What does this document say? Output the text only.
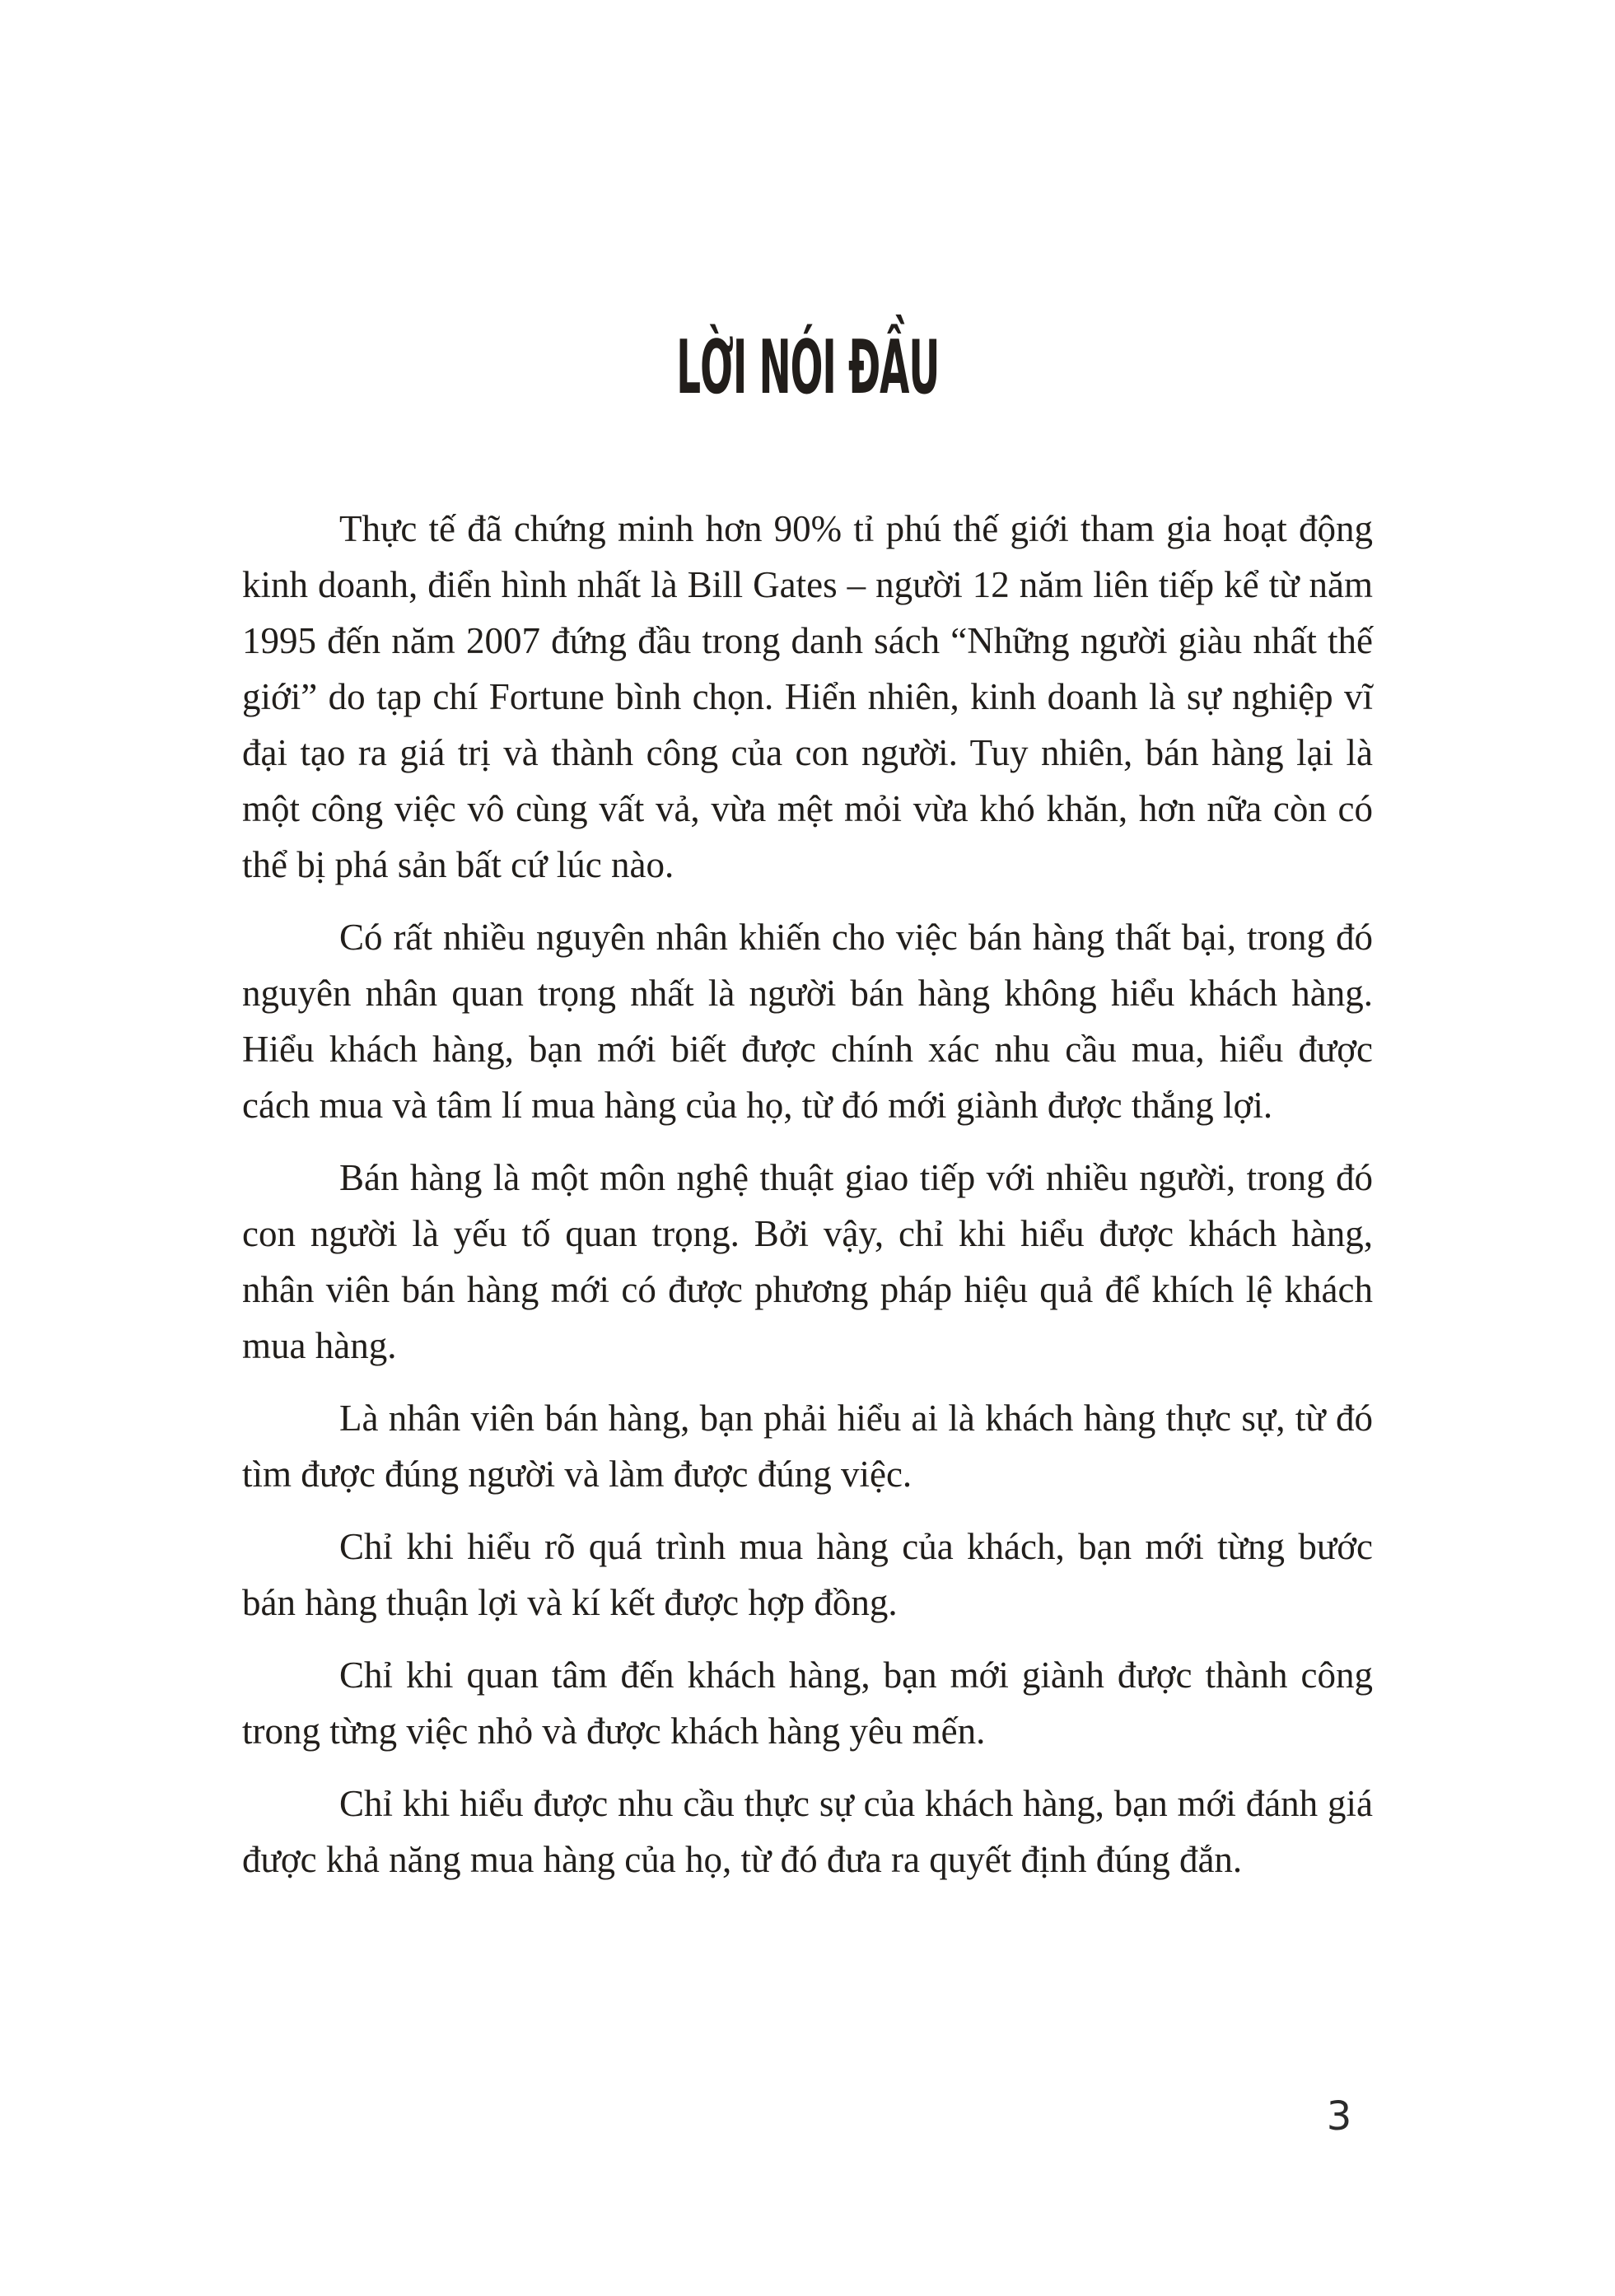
LỜI NÓI ĐẦU

Thực tế đã chứng minh hơn 90% tỉ phú thế giới tham gia hoạt động kinh doanh, điển hình nhất là Bill Gates – người 12 năm liên tiếp kể từ năm 1995 đến năm 2007 đứng đầu trong danh sách “Những người giàu nhất thế giới” do tạp chí Fortune bình chọn. Hiển nhiên, kinh doanh là sự nghiệp vĩ đại tạo ra giá trị và thành công của con người. Tuy nhiên, bán hàng lại là một công việc vô cùng vất vả, vừa mệt mỏi vừa khó khăn, hơn nữa còn có thể bị phá sản bất cứ lúc nào.

Có rất nhiều nguyên nhân khiến cho việc bán hàng thất bại, trong đó nguyên nhân quan trọng nhất là người bán hàng không hiểu khách hàng. Hiểu khách hàng, bạn mới biết được chính xác nhu cầu mua, hiểu được cách mua và tâm lí mua hàng của họ, từ đó mới giành được thắng lợi.

Bán hàng là một môn nghệ thuật giao tiếp với nhiều người, trong đó con người là yếu tố quan trọng. Bởi vậy, chỉ khi hiểu được khách hàng, nhân viên bán hàng mới có được phương pháp hiệu quả để khích lệ khách mua hàng.

Là nhân viên bán hàng, bạn phải hiểu ai là khách hàng thực sự, từ đó tìm được đúng người và làm được đúng việc.

Chỉ khi hiểu rõ quá trình mua hàng của khách, bạn mới từng bước bán hàng thuận lợi và kí kết được hợp đồng.

Chỉ khi quan tâm đến khách hàng, bạn mới giành được thành công trong từng việc nhỏ và được khách hàng yêu mến.

Chỉ khi hiểu được nhu cầu thực sự của khách hàng, bạn mới đánh giá được khả năng mua hàng của họ, từ đó đưa ra quyết định đúng đắn.

3
